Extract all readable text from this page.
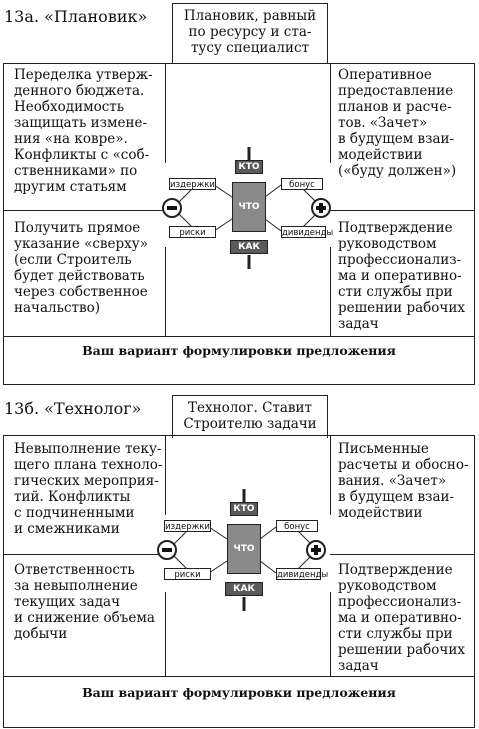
13а. «Плановик»	Плановик, равный
по ресурсу и ста-
тусу специалист
Переделка утверж-
денного бюджета.
Необходимость
защищать измене-
ния «на ковре».
Конфликты с «соб-
ственниками» по
другим статьям
Оперативное
предоставление
планов и расче-
тов. «Зачет»
в будущем взаи-
модействии
(«буду должен»)
Получить прямое
указание «сверху»
(если Строитель
будет действовать
через собственное
начальство)
Подтверждение
руководством
профессионализ-
ма и оперативно-
сти службы при
решении рабочих
задач
Ваш вариант формулировки предложения
КТО
ЧТО
КАК
издержки
риски
бонус
дивиденды
13б. «Технолог»	Технолог. Ставит
Строителю задачи
Невыполнение теку-
щего плана техноло-
гических мероприя-
тий. Конфликты
с подчиненными
и смежниками
Письменные
расчеты и обосно-
вания. «Зачет»
в будущем взаи-
модействии
Ответственность
за невыполнение
текущих задач
и снижение объема
добычи
Подтверждение
руководством
профессионализ-
ма и оперативно-
сти службы при
решении рабочих
задач
Ваш вариант формулировки предложения
КТО
ЧТО
КАК
издержки
риски
бонус
дивиденды
